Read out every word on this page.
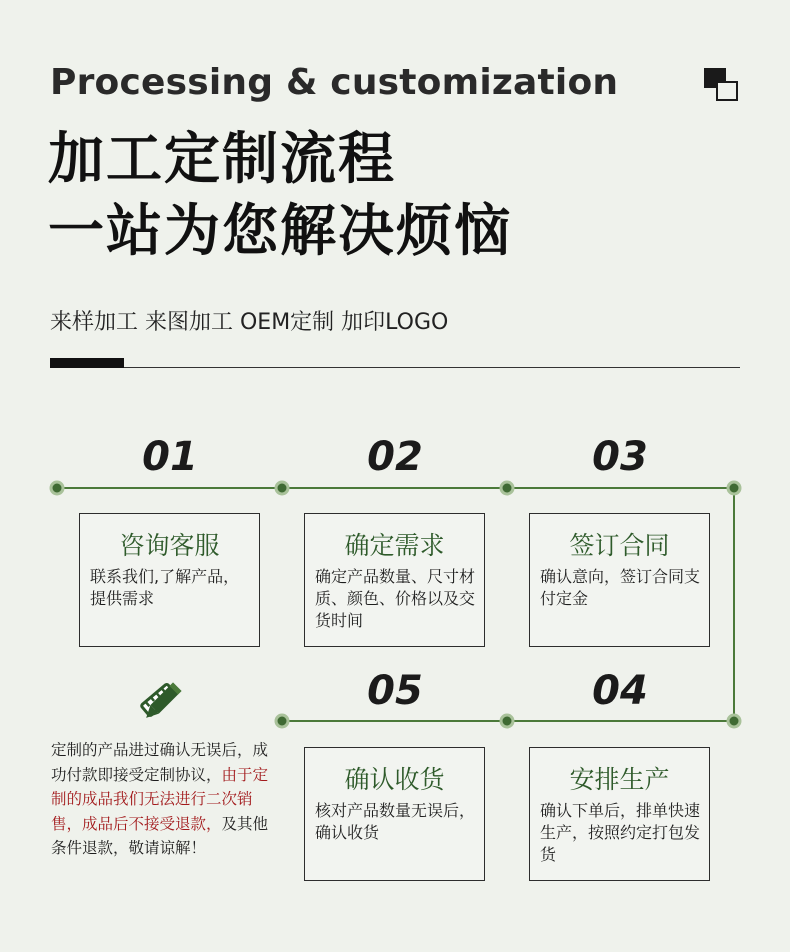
Processing & customization
加工定制流程
一站为您解决烦恼
来样加工 来图加工 OEM定制 加印LOGO
01	02	03
04
05
咨询客服
联系我们,了解产品，提供需求
确定需求
确定产品数量、尺寸材质、颜色、价格以及交货时间
签订合同
确认意向，签订合同支付定金
安排生产
确认下单后，排单快速生产，按照约定打包发货
确认收货
核对产品数量无误后，确认收货
定制的产品进过确认无误后，成功付款即接受定制协议，由于定制的成品我们无法进行二次销售，成品后不接受退款，及其他条件退款，敬请谅解！
